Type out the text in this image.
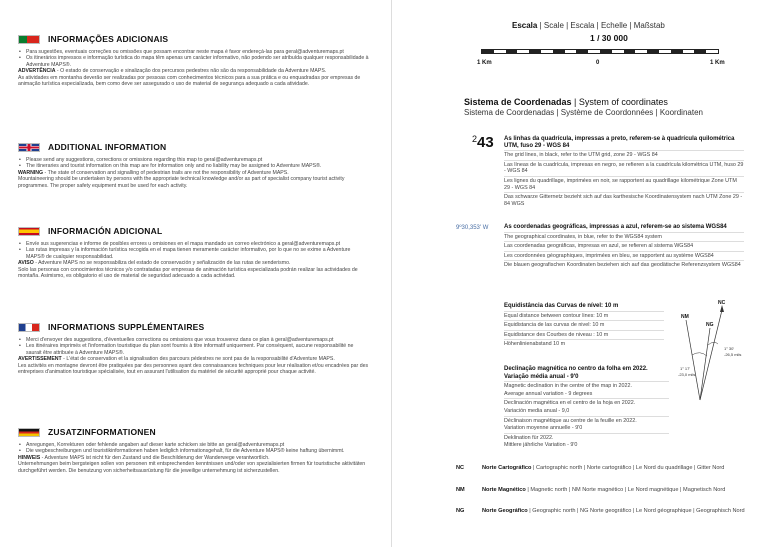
INFORMAÇÕES ADICIONAIS
• Para sugestões, eventuais correções ou omissões que possam encontrar neste mapa é favor endereçá-las para geral@adventuremaps.pt
• Os itinerários impressos e informação turística do mapa têm apenas um carácter informativo, não podendo ser atribuída qualquer responsabilidade à Adventure MAPS®.

ADVERTÊNCIA - O estado de conservação e sinalização dos percursos pedestres não são da responsabilidade da Adventure MAPS.

As atividades em montanha deverão ser realizadas por pessoas com conhecimentos técnicos para a sua prática e ou enquadradas por empresas de animação turística especializada, bem como deve ser assegurado o uso de material de segurança adequado a cada atividade.

ADDITIONAL INFORMATION
• Please send any suggestions, corrections or omissions regarding this map to geral@adventuremaps.pt
• The itineraries and tourist information on this map are for information only and no liability may be assigned to Adventure MAPS®.

WARNING - The state of conservation and signalling of pedestrian trails are not the responsibility of Adventure MAPS.

Mountaineering should be undertaken by persons with the appropriate technical knowledge and/or as part of specialist company tourist activity programmes. The proper safety equipment must be used for each activity.

INFORMACIÓN ADICIONAL
• Envíe sus sugerencias e informe de posibles errores u omisiones en el mapa mandado un correo electrónico a geral@adventuremaps.pt
• Las rutas impresas y la información turística recogida en el mapa tienen meramente carácter informativo, por lo que no se exime a Adventure MAPS® de cualquier responsabilidad.

AVISO - Adventure MAPS no se responsabiliza del estado de conservación y señalización de las rutas de senderismo.

Solo las personas con conocimientos técnicos y/o contratadas por empresas de animación turística especializada podrán realizar las actividades de montaña. Asimismo, es obligatorio el uso de material de seguridad adecuado a cada actividad.

INFORMATIONS SUPPLÉMENTAIRES
• Merci d'envoyer des suggestions, d'éventuelles corrections ou omissions que vous trouverez dans ce plan à geral@adventuremaps.pt
• Les itinéraires imprimés et l'information touristique du plan sont fournis à titre informatif uniquement. Par conséquent, aucune responsabilité ne saurait être attribuée à Adventure MAPS®.

AVERTISSEMENT - L'état de conservation et la signalisation des parcours pédestres ne sont pas de la responsabilité d'Adventure MAPS.

Les activités en montagne devront être pratiquées par des personnes ayant des connaissances techniques pour leur réalisation et/ou encadrées par des entreprises d'animation touristique spécialisée, tout en assurant l'utilisation du matériel de sécurité approprié pour chaque activité.

ZUSATZINFORMATIONEN
• Anregungen, Korrekturen oder fehlende angaben auf dieser karte schicken sie bitte an geral@adventuremaps.pt
• Die wegbeschreibungen und touristikinformationen haben lediglich informationsgehalt, für die Adventure MAPS® keine haftung übernimmt.

HINWEIS - Adventure MAPS ist nicht für den Zustand und die Beschilderung der Wanderwege verantwortlich.

Unternehmungen beim bergsteigen sollen von personen mit entsprechenden kenntnissen und/oder von spezialisierten firmen für touristische aktivitäten durchgeführt werden. Die benutzung von sicherheitsausrüstung für die jeweilige unternehmung ist sicherzustellen.

Escala | Scale | Escala | Echelle | Maßstab
1 / 30 000
1 Km	0	1 Km
Sistema de Coordenadas | System of coordinates
Sistema de Coordenadas | Système de Coordonnées | Koordinaten
$^2$43 As linhas da quadrícula, impressas a preto, referem-se à quadrícula quilométrica UTM, fuso 29 - WGS 84

The grid lines, in black, refer to the UTM grid, zone 29 - WGS 84

Las líneas de la cuadrícula, impresas en negro, se refieren a la cuadrícula kilométrica UTM, huso 29 - WGS 84

Les lignes du quadrillage, imprimées en noir, se rapportent au quadrillage kilométrique Zone UTM 29 - WGS 84

Das schwarze Gitternetz bezieht sich auf das karthesische Koordinatensystem nach UTM Zone 29 - 84 WGS

9º30,353' W	As coordenadas geográficas, impressas a azul, referem-se ao sistema WGS84

The geographical coordinates, in blue, refer to the WGS84 system

Las coordenadas geográficas, impresas en azul, se refieren al sistema WGS84

Les coordonnées géographiques, imprimées en bleu, se rapportent au système WGS84

Die blauen geografischen Koordinaten beziehen sich auf das geodätische Referenzsystem WGS84

Equidistância das Curvas de nível: 10 m

Equal distance between contour lines: 10 m

Equidistancia de las curvas de nivel: 10 m

Equidistance des Courbes de niveau : 10 m

Höhenlinienabstand 10 m

Declinação magnética no centro da folha em 2022.

Variação média anual - 9'0

Magnetic declination in the centre of the map in 2022.

Average annual variation - 9 degrees

Declinación magnética en el centro de la hoja en 2022.

Variación media anual - 9,0

Déclinaison magnétique au centre de la feuille en 2022.

Variation moyenne annuelle - 9'0

Deklination für 2022.

Mittlere jährliche Variation - 9'0

NM
NG
NC
1° 30'
-26,5 mils
1° 17'
-23,0 mils
NC	Norte Cartográfico | Cartographic north | Norte cartográfico | Le Nord du quadrillage | Gitter Nord
NM	Norte Magnético | Magnetic north | NM Norte magnético | Le Nord magnétique | Magnetisch Nord
NG	Norte Geográfico | Geographic north | NG Norte geográfico | Le Nord géographique | Geographisch Nord
